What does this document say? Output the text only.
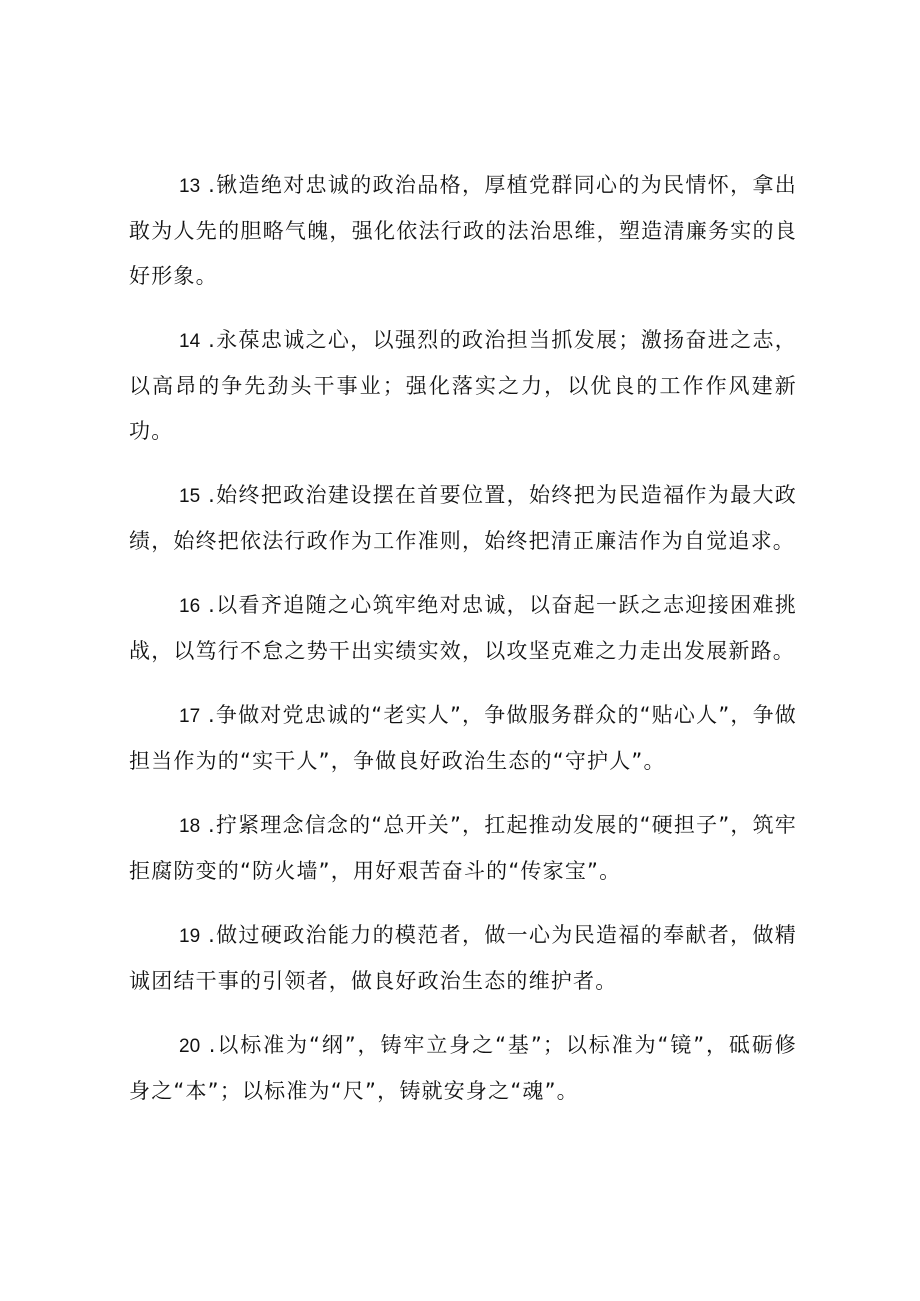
13 .锹造绝对忠诚的政治品格，厚植党群同心的为民情怀，拿出敢为人先的胆略气魄，强化依法行政的法治思维，塑造清廉务实的良好形象。

14 .永葆忠诚之心，以强烈的政治担当抓发展；激扬奋进之志，以高昂的争先劲头干事业；强化落实之力，以优良的工作作风建新功。

15 .始终把政治建设摆在首要位置，始终把为民造福作为最大政绩，始终把依法行政作为工作准则，始终把清正廉洁作为自觉追求。

16 .以看齐追随之心筑牢绝对忠诚，以奋起一跃之志迎接困难挑战，以笃行不怠之势干出实绩实效，以攻坚克难之力走出发展新路。

17 .争做对党忠诚的“老实人”，争做服务群众的“贴心人”，争做担当作为的“实干人”，争做良好政治生态的“守护人”。

18 .拧紧理念信念的“总开关”，扛起推动发展的“硬担子”，筑牢拒腐防变的“防火墙”，用好艰苦奋斗的“传家宝”。

19 .做过硬政治能力的模范者，做一心为民造福的奉献者，做精诚团结干事的引领者，做良好政治生态的维护者。

20 .以标准为“纲”，铸牢立身之“基”；以标准为“镜”，砥砺修身之“本”；以标准为“尺”，铸就安身之“魂”。
